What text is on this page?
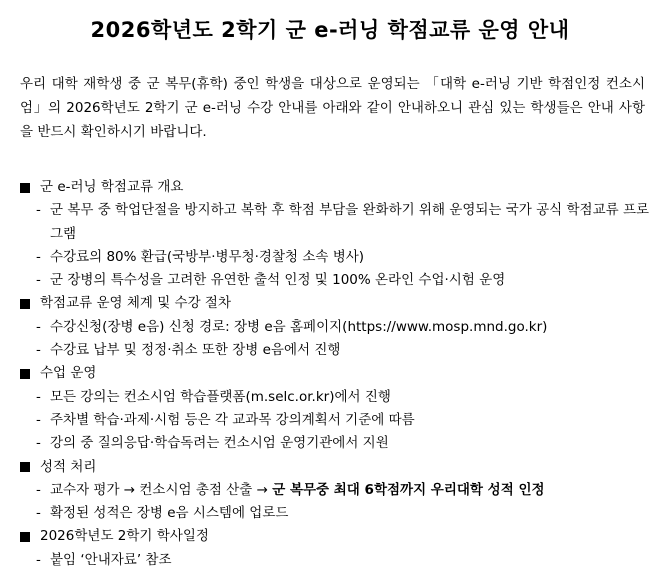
2026학년도 2학기 군 e-러닝 학점교류 운영 안내
우리 대학 재학생 중 군 복무(휴학) 중인 학생을 대상으로 운영되는 「대학 e-러닝 기반 학점인정 컨소시엄」의 2026학년도 2학기 군 e-러닝 수강 안내를 아래와 같이 안내하오니 관심 있는 학생들은 안내 사항을 반드시 확인하시기 바랍니다.
군 e-러닝 학점교류 개요
- 군 복무 중 학업단절을 방지하고 복학 후 학점 부담을 완화하기 위해 운영되는 국가 공식 학점교류 프로그램
- 수강료의 80% 환급(국방부·병무청·경찰청 소속 병사)
- 군 장병의 특수성을 고려한 유연한 출석 인정 및 100% 온라인 수업·시험 운영
학점교류 운영 체계 및 수강 절차
- 수강신청(장병 e음) 신청 경로: 장병 e음 홈페이지(https://www.mosp.mnd.go.kr)
- 수강료 납부 및 정정·취소 또한 장병 e음에서 진행
수업 운영
- 모든 강의는 컨소시엄 학습플랫폼(m.selc.or.kr)에서 진행
- 주차별 학습·과제·시험 등은 각 교과목 강의계획서 기준에 따름
- 강의 중 질의응답·학습독려는 컨소시엄 운영기관에서 지원
성적 처리
- 교수자 평가 → 컨소시엄 총점 산출 → 군 복무중 최대 6학점까지 우리대학 성적 인정
- 확정된 성적은 장병 e음 시스템에 업로드
2026학년도 2학기 학사일정
- 붙임 ‘안내자료’ 참조
